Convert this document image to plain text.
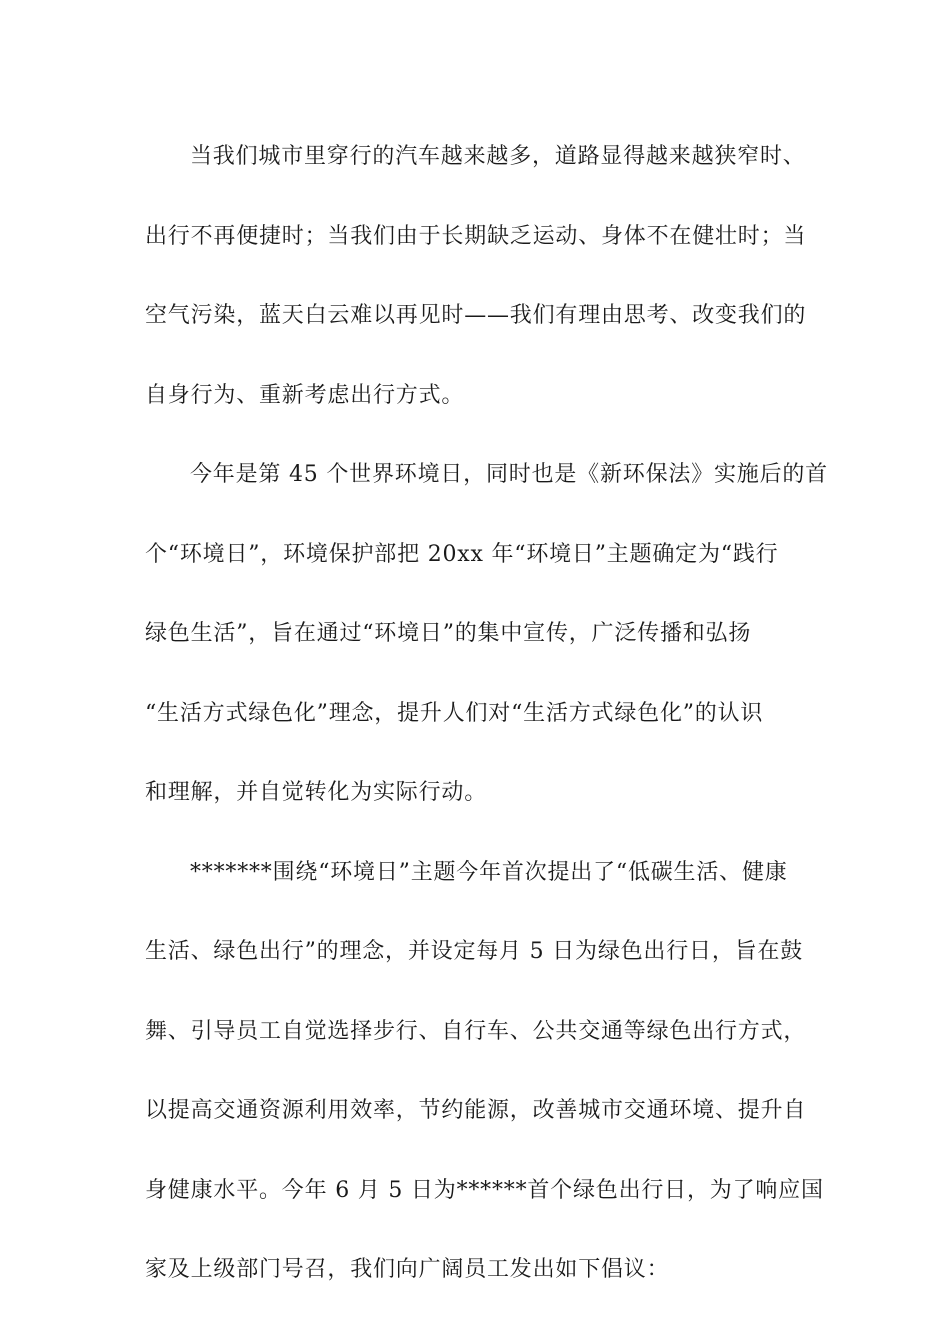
当我们城市里穿行的汽车越来越多，道路显得越来越狭窄时、
出行不再便捷时；当我们由于长期缺乏运动、身体不在健壮时；当
空气污染，蓝天白云难以再见时——我们有理由思考、改变我们的
自身行为、重新考虑出行方式。
今年是第 45 个世界环境日，同时也是《新环保法》实施后的首
个“环境日”，环境保护部把 20xx 年“环境日”主题确定为“践行
绿色生活”，旨在通过“环境日”的集中宣传，广泛传播和弘扬
“生活方式绿色化”理念，提升人们对“生活方式绿色化”的认识
和理解，并自觉转化为实际行动。
*******围绕“环境日”主题今年首次提出了“低碳生活、健康
生活、绿色出行”的理念，并设定每月 5 日为绿色出行日，旨在鼓
舞、引导员工自觉选择步行、自行车、公共交通等绿色出行方式，
以提高交通资源利用效率，节约能源，改善城市交通环境、提升自
身健康水平。今年 6 月 5 日为******首个绿色出行日，为了响应国
家及上级部门号召，我们向广阔员工发出如下倡议：
